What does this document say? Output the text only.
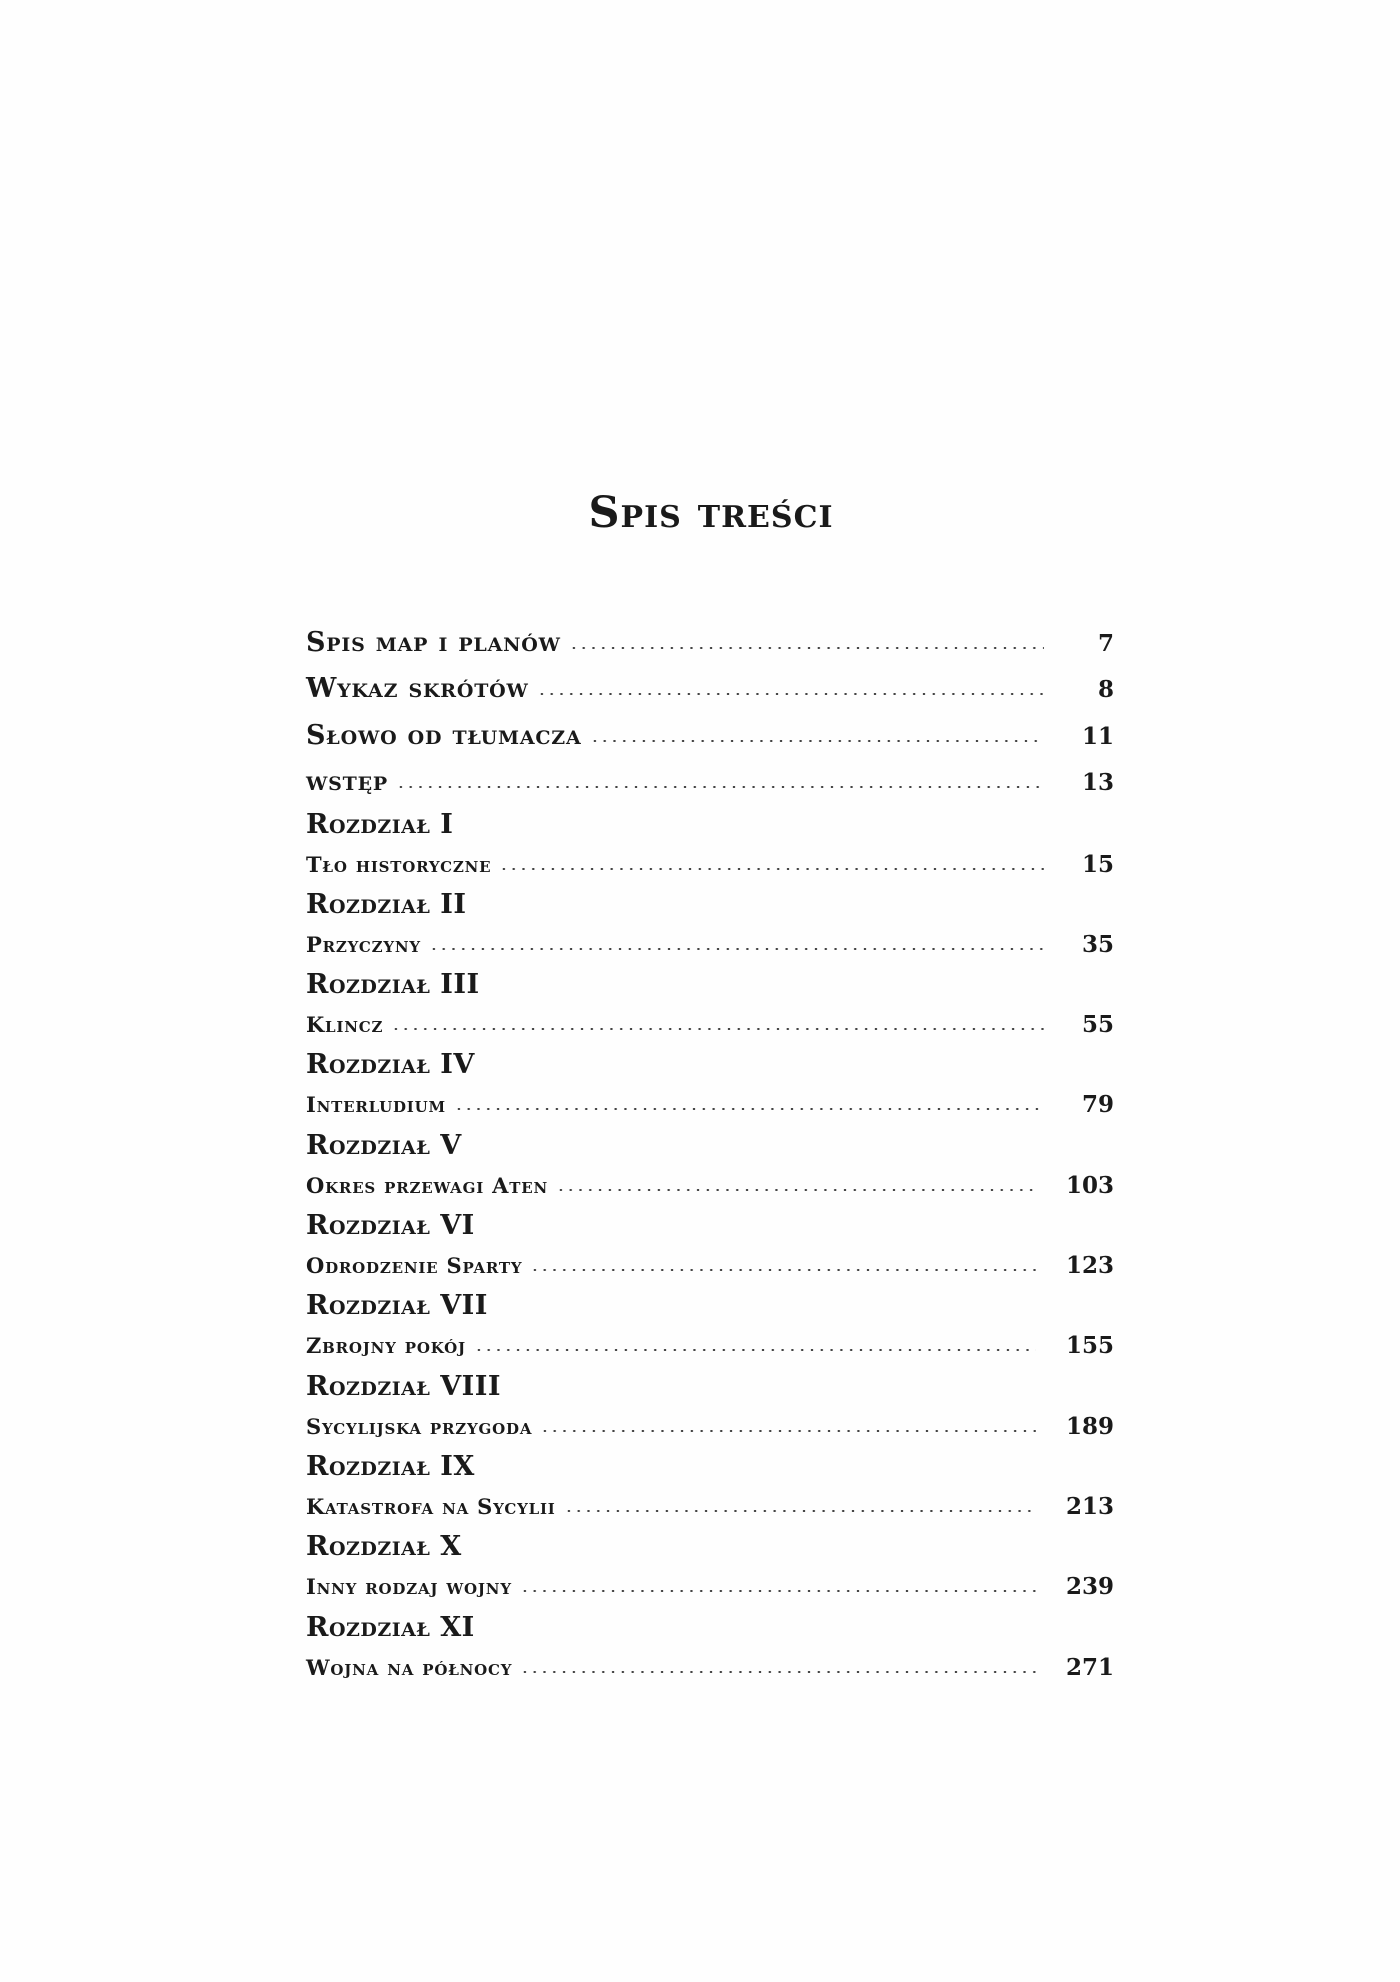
Spis treści
Spis map i planów	7
Wykaz skrótów	8
Słowo od tłumacza	11
wstęp	13
Rozdział I
Tło historyczne	15
Rozdział II
Przyczyny	35
Rozdział III
Klincz	55
Rozdział IV
Interludium	79
Rozdział V
Okres przewagi Aten	103
Rozdział VI
Odrodzenie Sparty	123
Rozdział VII
Zbrojny pokój	155
Rozdział VIII
Sycylijska przygoda	189
Rozdział IX
Katastrofa na Sycylii	213
Rozdział X
Inny rodzaj wojny	239
Rozdział XI
Wojna na północy	271
